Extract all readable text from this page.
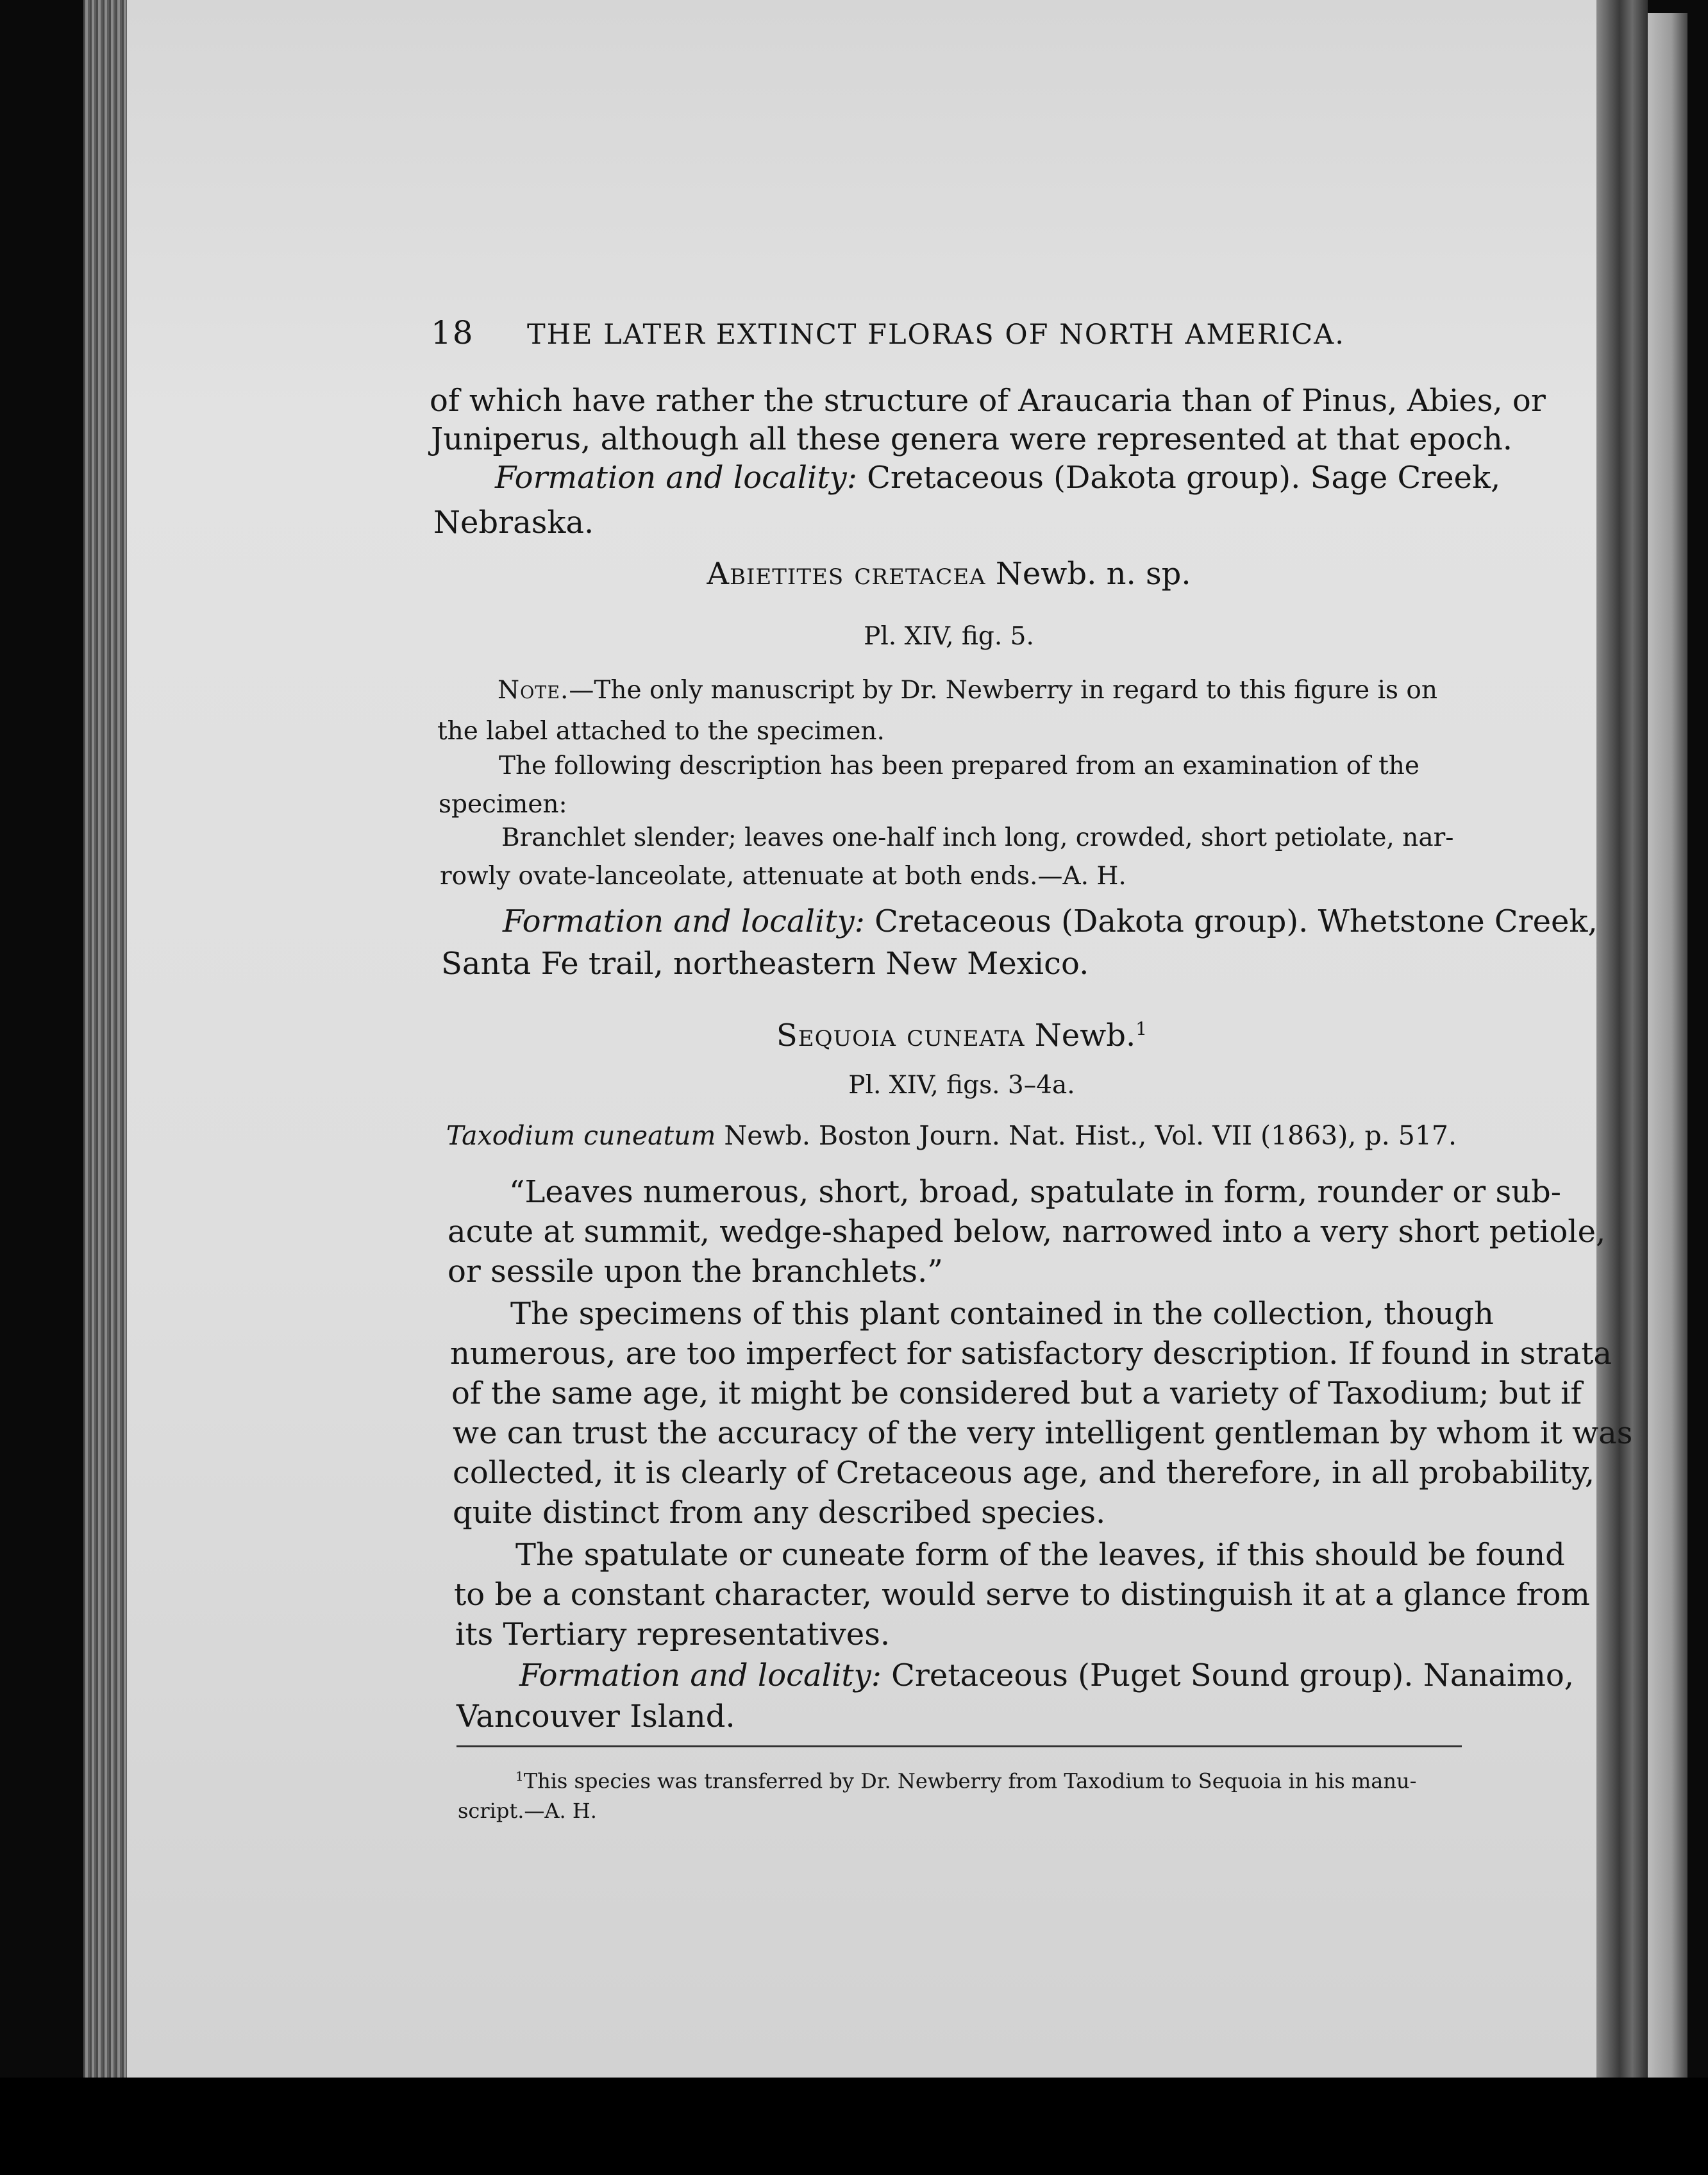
18 THE LATER EXTINCT FLORAS OF NORTH AMERICA.
of which have rather the structure of Araucaria than of Pinus, Abies, or
Juniperus, although all these genera were represented at that epoch.
Formation and locality: Cretaceous (Dakota group). Sage Creek,
Nebraska.
Abietites cretacea Newb. n. sp.
Pl. XIV, fig. 5.
Note.—The only manuscript by Dr. Newberry in regard to this figure is on
the label attached to the specimen.
The following description has been prepared from an examination of the
specimen:
Branchlet slender; leaves one-half inch long, crowded, short petiolate, nar-
rowly ovate-lanceolate, attenuate at both ends.—A. H.
Formation and locality: Cretaceous (Dakota group). Whetstone Creek,
Santa Fe trail, northeastern New Mexico.
Sequoia cuneata Newb.$^1$
Pl. XIV, figs. 3–4a.
Taxodium cuneatum Newb. Boston Journ. Nat. Hist., Vol. VII (1863), p. 517.
“Leaves numerous, short, broad, spatulate in form, rounder or sub-
acute at summit, wedge-shaped below, narrowed into a very short petiole,
or sessile upon the branchlets.”
The specimens of this plant contained in the collection, though
numerous, are too imperfect for satisfactory description. If found in strata
of the same age, it might be considered but a variety of Taxodium; but if
we can trust the accuracy of the very intelligent gentleman by whom it was
collected, it is clearly of Cretaceous age, and therefore, in all probability,
quite distinct from any described species.
The spatulate or cuneate form of the leaves, if this should be found
to be a constant character, would serve to distinguish it at a glance from
its Tertiary representatives.
Formation and locality: Cretaceous (Puget Sound group). Nanaimo,
Vancouver Island.
$^1$This species was transferred by Dr. Newberry from Taxodium to Sequoia in his manu-
script.—A. H.
